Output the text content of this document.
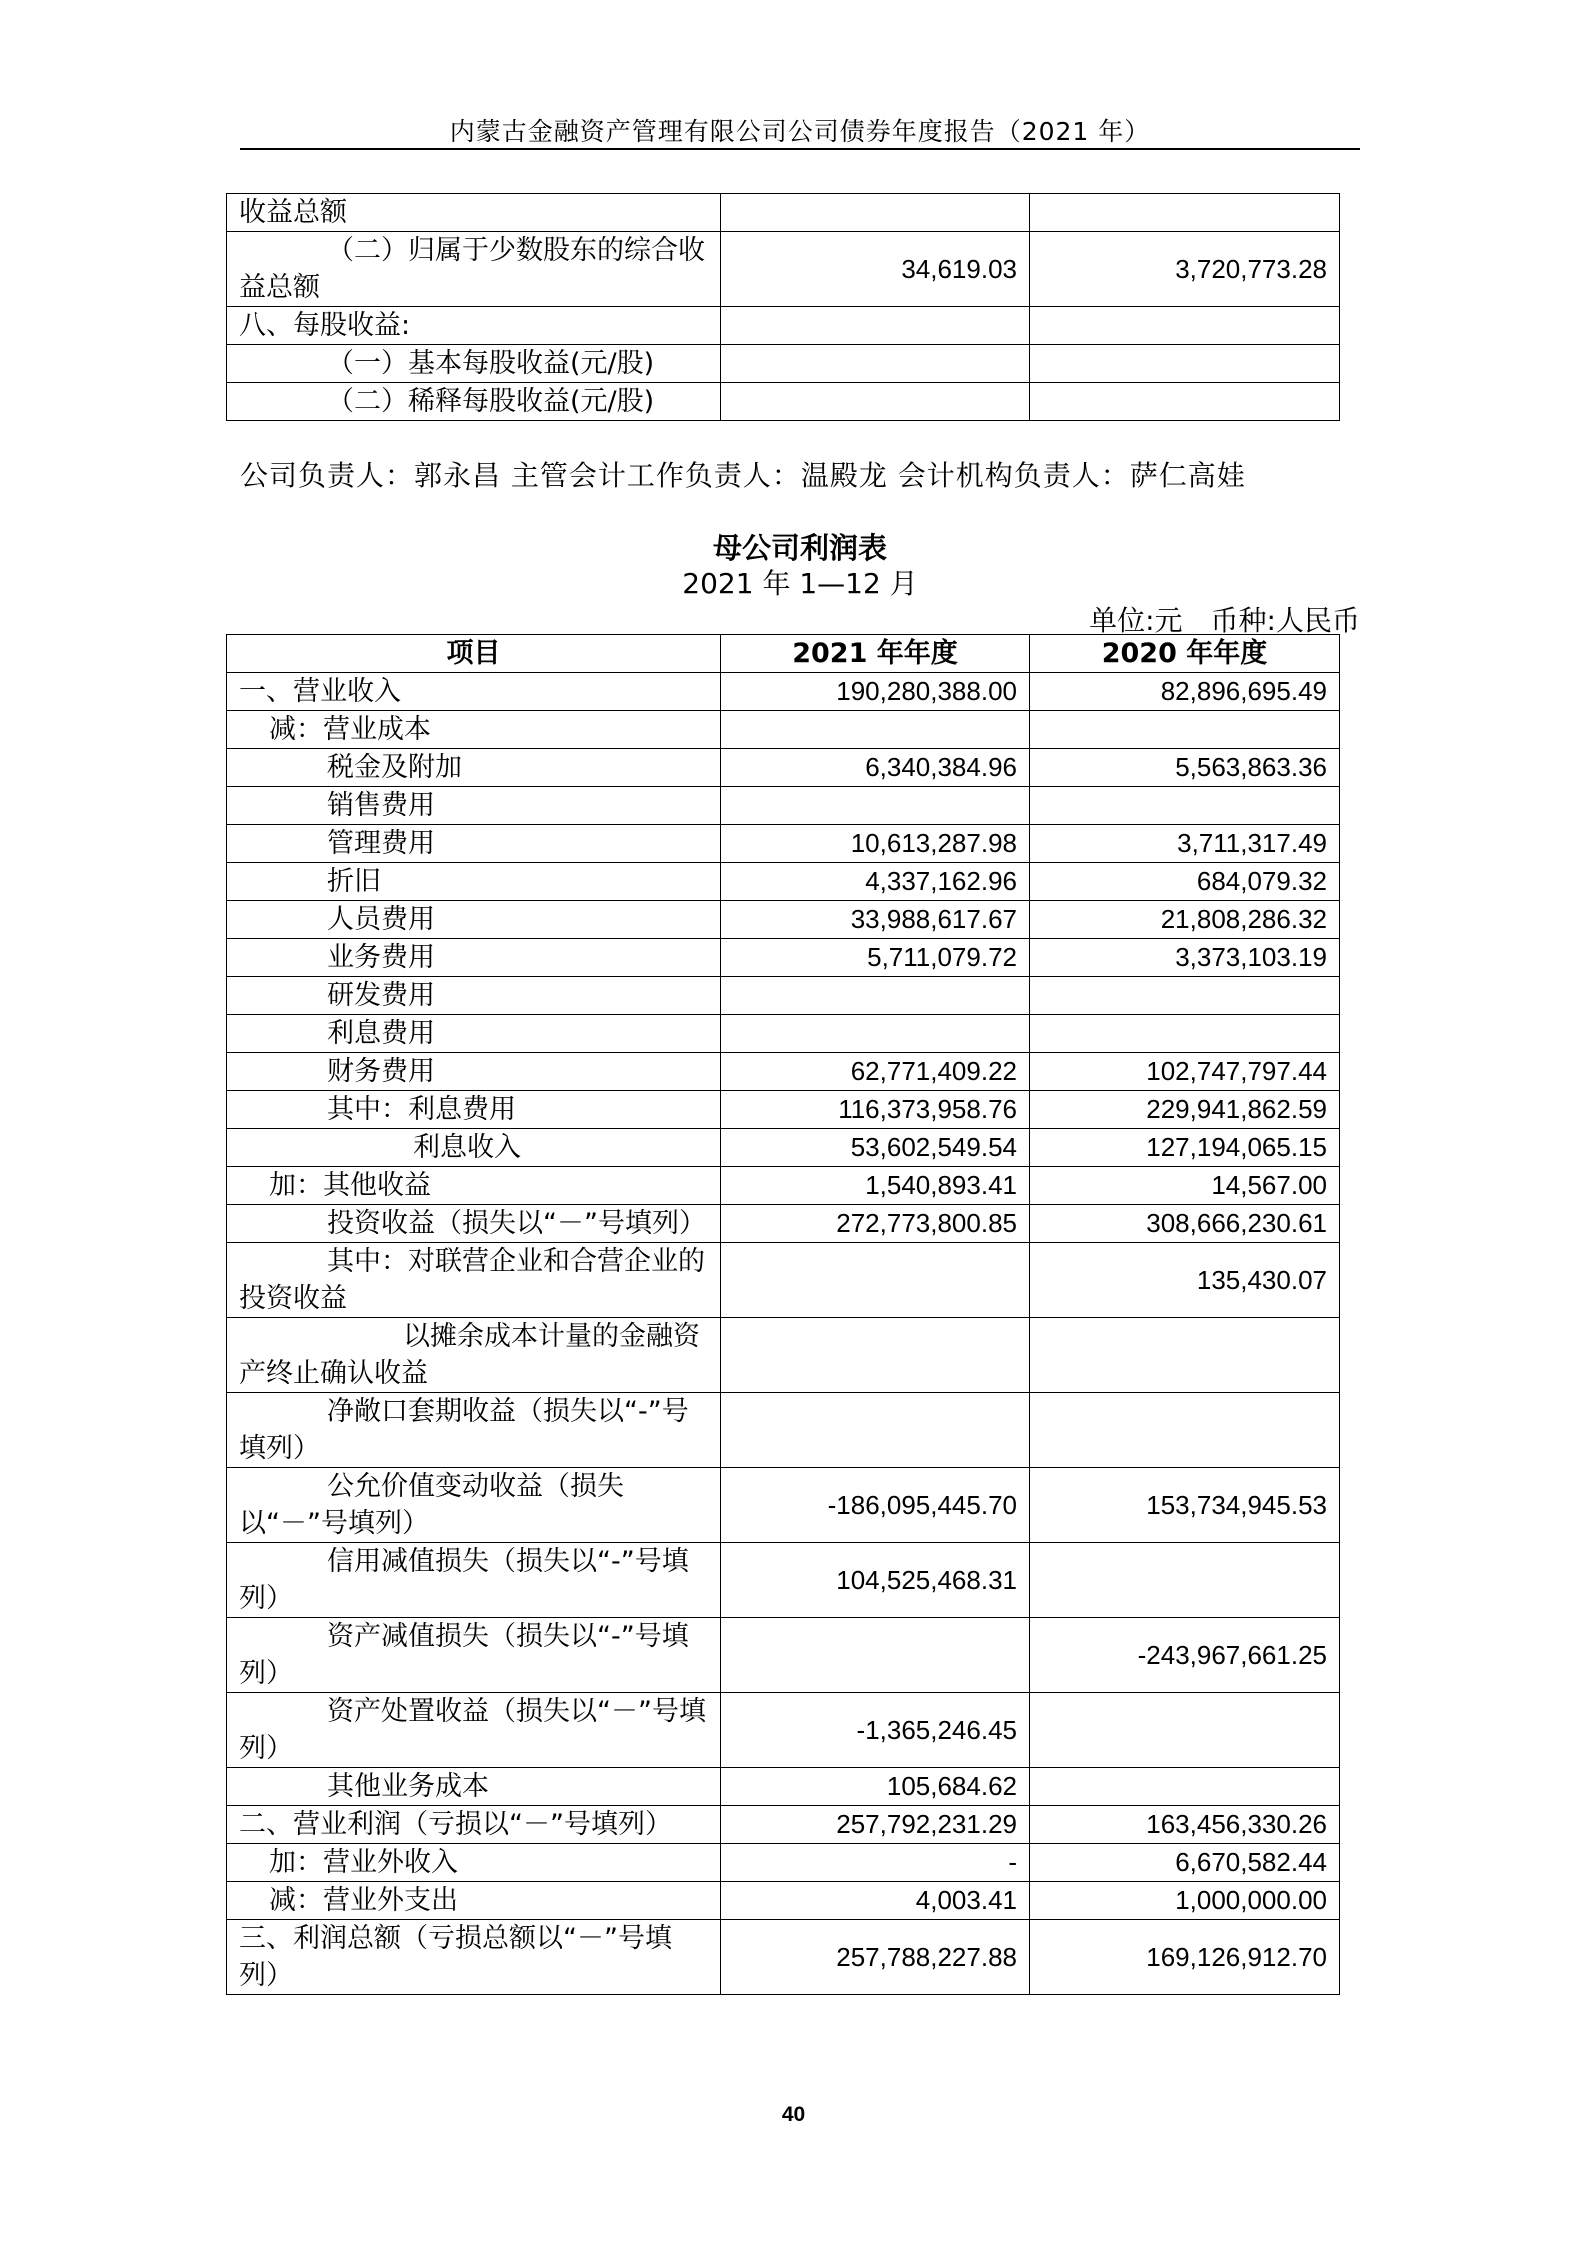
内蒙古金融资产管理有限公司公司债券年度报告（2021 年）
收益总额		
（二）归属于少数股东的综合收益总额	34,619.03	3,720,773.28
八、每股收益:		
（一）基本每股收益(元/股)		
（二）稀释每股收益(元/股)		
公司负责人：郭永昌 主管会计工作负责人：温殿龙 会计机构负责人：萨仁高娃
母公司利润表
2021 年 1—12 月
单位:元　币种:人民币
项目	2021 年年度	2020 年年度
一、营业收入	190,280,388.00	82,896,695.49
减：营业成本		
税金及附加	6,340,384.96	5,563,863.36
销售费用		
管理费用	10,613,287.98	3,711,317.49
折旧	4,337,162.96	684,079.32
人员费用	33,988,617.67	21,808,286.32
业务费用	5,711,079.72	3,373,103.19
研发费用		
利息费用		
财务费用	62,771,409.22	102,747,797.44
其中：利息费用	116,373,958.76	229,941,862.59
利息收入	53,602,549.54	127,194,065.15
加：其他收益	1,540,893.41	14,567.00
投资收益（损失以“－”号填列）	272,773,800.85	308,666,230.61
其中：对联营企业和合营企业的投资收益		135,430.07
以摊余成本计量的金融资产终止确认收益		
净敞口套期收益（损失以“-”号填列）		
公允价值变动收益（损失以“－”号填列）	-186,095,445.70	153,734,945.53
信用减值损失（损失以“-”号填列）	104,525,468.31	
资产减值损失（损失以“-”号填列）		-243,967,661.25
资产处置收益（损失以“－”号填列）	-1,365,246.45	
其他业务成本	105,684.62	
二、营业利润（亏损以“－”号填列）	257,792,231.29	163,456,330.26
加：营业外收入	-	6,670,582.44
减：营业外支出	4,003.41	1,000,000.00
三、利润总额（亏损总额以“－”号填列）	257,788,227.88	169,126,912.70
40
